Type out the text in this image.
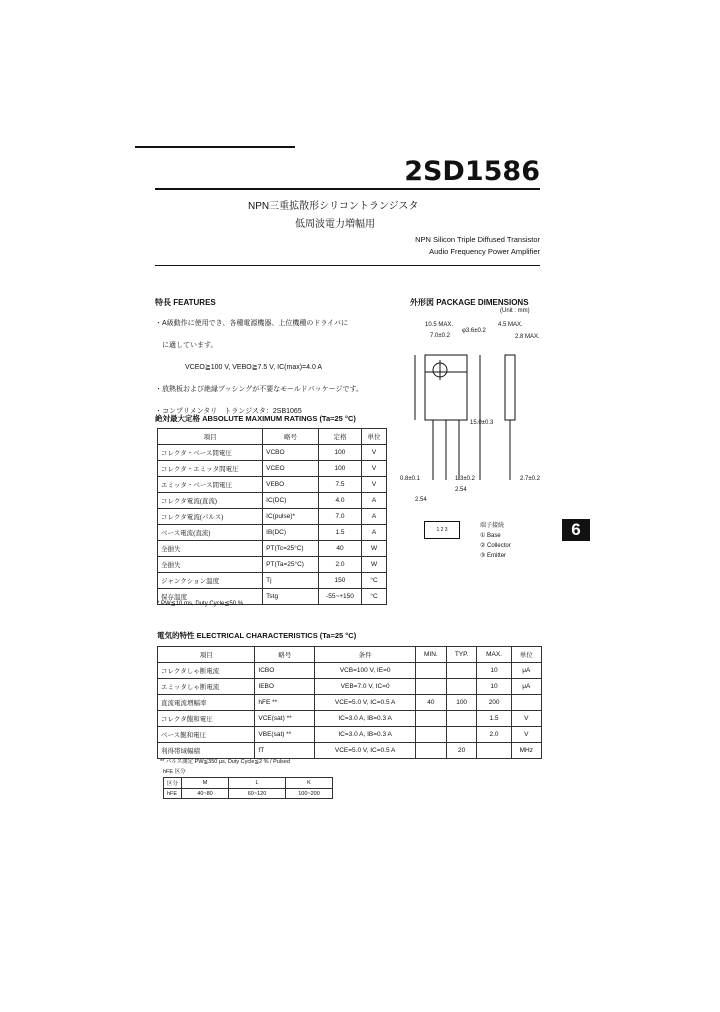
2SD1586
NPN三重拡散形シリコントランジスタ
低周波電力増幅用
NPN Silicon Triple Diffused Transistor
Audio Frequency Power Amplifier
特長 FEATURES
・A級動作に使用でき、各種電源機器、上位機種のドライバに
　に適しています。
VCEO≧100 V, VEBO≧7.5 V, IC(max)=4.0 A
・放熱板および絶縁ブッシングが不要なモールドパッケージです。
・コンプリメンタリ　トランジスタ：2SB1065
外形図 PACKAGE DIMENSIONS
(Unit : mm)
10.5 MAX.
7.0±0.2
φ3.6±0.2
4.5 MAX.
2.8 MAX.
15.0±0.3
0.8±0.1
2.54
1.3±0.2
2.54
2.7±0.2
1 2 3
端子接続
① Base
② Collector
③ Emitter
6
絶対最大定格 ABSOLUTE MAXIMUM RATINGS (Ta=25 °C)
項目	略号	定格	単位
コレクタ・ベース間電圧	VCBO	100	V
コレクタ・エミッタ間電圧	VCEO	100	V
エミッタ・ベース間電圧	VEBO	7.5	V
コレクタ電流(直流)	IC(DC)	4.0	A
コレクタ電流(パルス)	IC(pulse)*	7.0	A
ベース電流(直流)	IB(DC)	1.5	A
全損失	PT(Tc=25°C)	40	W
全損失	PT(Ta=25°C)	2.0	W
ジャンクション温度	Tj	150	°C
保存温度	Tstg	-55~+150	°C
* PW≦10 ms, Duty Cycle≦50 %
電気的特性 ELECTRICAL CHARACTERISTICS (Ta=25 °C)
項目	略号	条件	MIN.	TYP.	MAX.	単位
コレクタしゃ断電流	ICBO	VCB=100 V, IE=0			10	μA
エミッタしゃ断電流	IEBO	VEB=7.0 V, IC=0			10	μA
直流電流増幅率	hFE **	VCE=5.0 V, IC=0.5 A	40	100	200	
コレクタ飽和電圧	VCE(sat) **	IC=3.0 A, IB=0.3 A			1.5	V
ベース飽和電圧	VBE(sat) **	IC=3.0 A, IB=0.3 A			2.0	V
利得帯域幅積	fT	VCE=5.0 V, IC=0.5 A		20		MHz
** パルス測定 PW≦350 μs, Duty Cycle≦2 % / Pulsed
hFE 区分
区分	M	L	K
hFE	40~80	60~120	100~200
